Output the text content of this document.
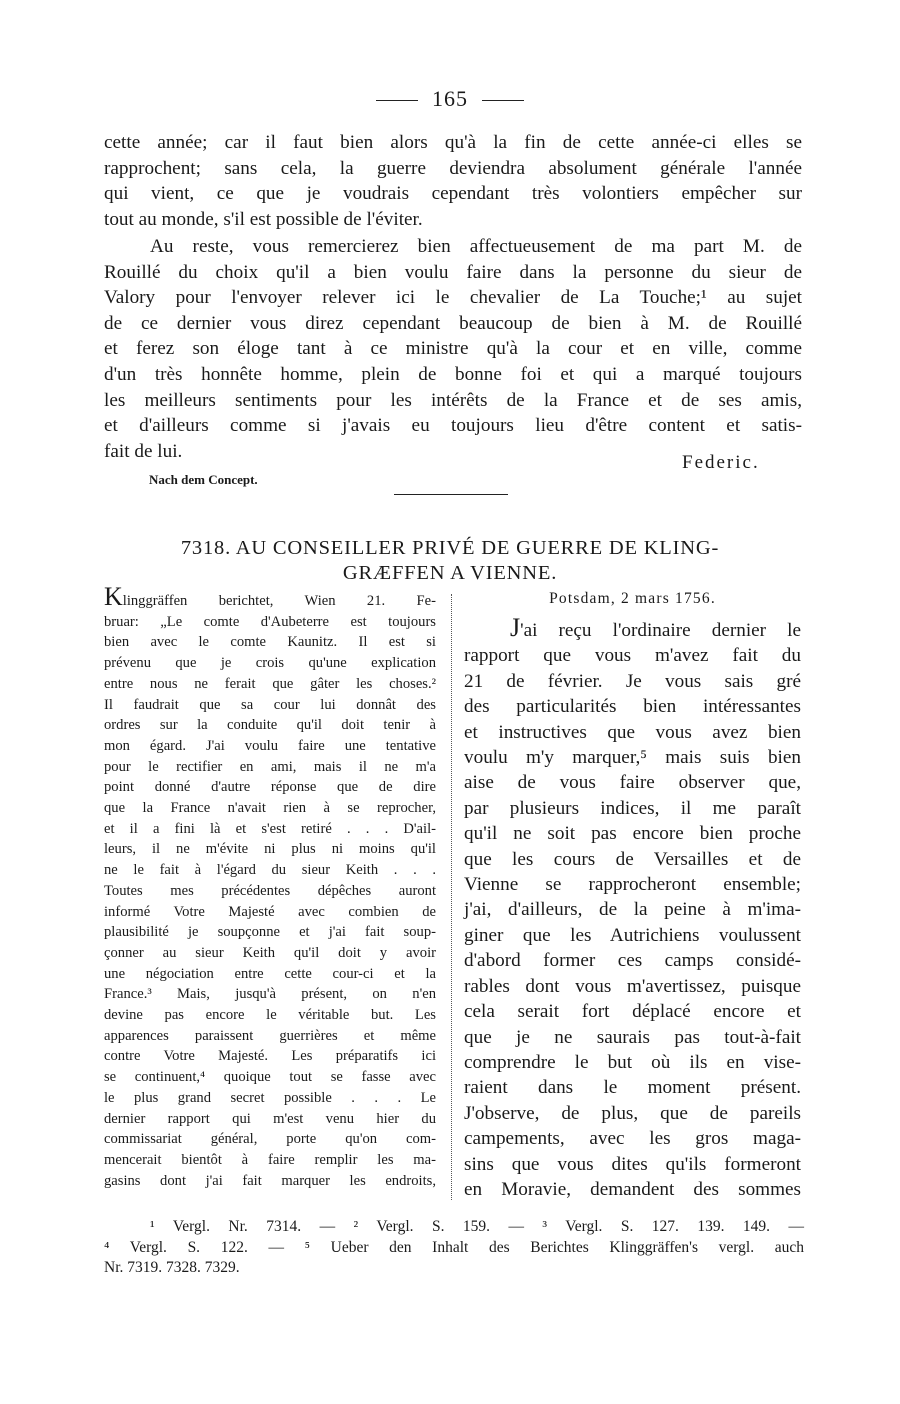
165
cette année; car il faut bien alors qu'à la fin de cette année-ci elles se
rapprochent; sans cela, la guerre deviendra absolument générale l'année
qui vient, ce que je voudrais cependant très volontiers empêcher sur
tout au monde, s'il est possible de l'éviter.
Au reste, vous remercierez bien affectueusement de ma part M. de
Rouillé du choix qu'il a bien voulu faire dans la personne du sieur de
Valory pour l'envoyer relever ici le chevalier de La Touche;¹ au sujet
de ce dernier vous direz cependant beaucoup de bien à M. de Rouillé
et ferez son éloge tant à ce ministre qu'à la cour et en ville, comme
d'un très honnête homme, plein de bonne foi et qui a marqué toujours
les meilleurs sentiments pour les intérêts de la France et de ses amis,
et d'ailleurs comme si j'avais eu toujours lieu d'être content et satis-
fait de lui.
Federic.
Nach dem Concept.
7318. AU CONSEILLER PRIVÉ DE GUERRE DE KLING-
GRÆFFEN A VIENNE.
Klinggräffen berichtet, Wien 21. Fe-
bruar: „Le comte d'Aubeterre est toujours
bien avec le comte Kaunitz. Il est si
prévenu que je crois qu'une explication
entre nous ne ferait que gâter les choses.²
Il faudrait que sa cour lui donnât des
ordres sur la conduite qu'il doit tenir à
mon égard. J'ai voulu faire une tentative
pour le rectifier en ami, mais il ne m'a
point donné d'autre réponse que de dire
que la France n'avait rien à se reprocher,
et il a fini là et s'est retiré . . . D'ail-
leurs, il ne m'évite ni plus ni moins qu'il
ne le fait à l'égard du sieur Keith . . .
Toutes mes précédentes dépêches auront
informé Votre Majesté avec combien de
plausibilité je soupçonne et j'ai fait soup-
çonner au sieur Keith qu'il doit y avoir
une négociation entre cette cour-ci et la
France.³ Mais, jusqu'à présent, on n'en
devine pas encore le véritable but. Les
apparences paraissent guerrières et même
contre Votre Majesté. Les préparatifs ici
se continuent,⁴ quoique tout se fasse avec
le plus grand secret possible . . . Le
dernier rapport qui m'est venu hier du
commissariat général, porte qu'on com-
mencerait bientôt à faire remplir les ma-
gasins dont j'ai fait marquer les endroits,
Potsdam, 2 mars 1756.
J'ai reçu l'ordinaire dernier le
rapport que vous m'avez fait du
21 de février. Je vous sais gré
des particularités bien intéressantes
et instructives que vous avez bien
voulu m'y marquer,⁵ mais suis bien
aise de vous faire observer que,
par plusieurs indices, il me paraît
qu'il ne soit pas encore bien proche
que les cours de Versailles et de
Vienne se rapprocheront ensemble;
j'ai, d'ailleurs, de la peine à m'ima-
giner que les Autrichiens voulussent
d'abord former ces camps considé-
rables dont vous m'avertissez, puisque
cela serait fort déplacé encore et
que je ne saurais pas tout-à-fait
comprendre le but où ils en vise-
raient dans le moment présent.
J'observe, de plus, que de pareils
campements, avec les gros maga-
sins que vous dites qu'ils formeront
en Moravie, demandent des sommes
¹ Vergl. Nr. 7314. — ² Vergl. S. 159. — ³ Vergl. S. 127. 139. 149. —
⁴ Vergl. S. 122. — ⁵ Ueber den Inhalt des Berichtes Klinggräffen's vergl. auch
Nr. 7319. 7328. 7329.
